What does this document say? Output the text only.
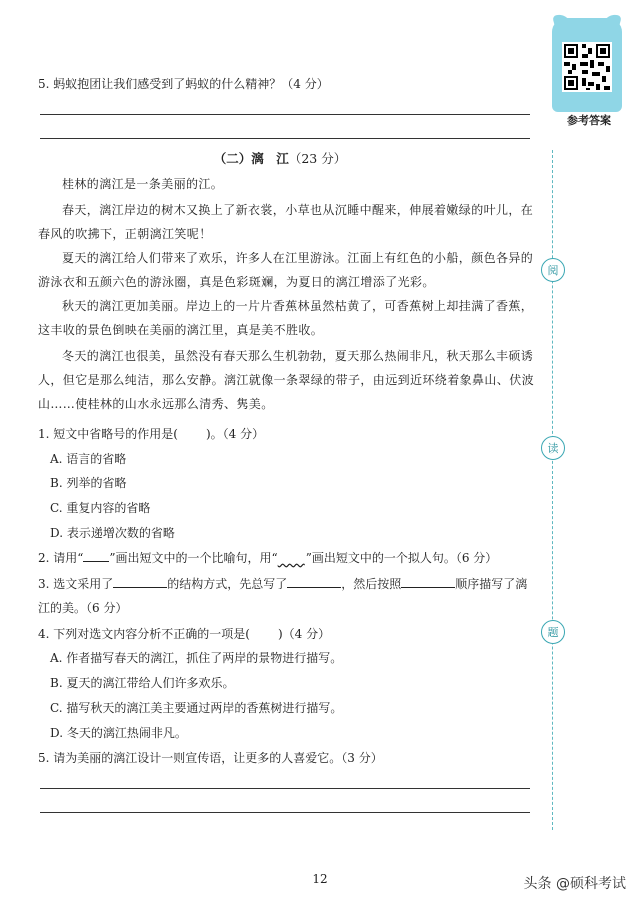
5. 蚂蚁抱团让我们感受到了蚂蚁的什么精神？（4 分）
（二）漓　江（23 分）
桂林的漓江是一条美丽的江。
春天，漓江岸边的树木又换上了新衣裳，小草也从沉睡中醒来，伸展着嫩绿的叶儿，在春风的吹拂下，正朝漓江笑呢！
夏天的漓江给人们带来了欢乐，许多人在江里游泳。江面上有红色的小船，颜色各异的游泳衣和五颜六色的游泳圈，真是色彩斑斓，为夏日的漓江增添了光彩。
秋天的漓江更加美丽。岸边上的一片片香蕉林虽然枯黄了，可香蕉树上却挂满了香蕉，这丰收的景色倒映在美丽的漓江里，真是美不胜收。
冬天的漓江也很美，虽然没有春天那么生机勃勃，夏天那么热闹非凡，秋天那么丰硕诱人，但它是那么纯洁，那么安静。漓江就像一条翠绿的带子，由远到近环绕着象鼻山、伏波山……使桂林的山水永远那么清秀、隽美。
1. 短文中省略号的作用是( )。（4 分）
A. 语言的省略
B. 列举的省略
C. 重复内容的省略
D. 表示递增次数的省略
2. 请用“ ”画出短文中的一个比喻句，用“ ”画出短文中的一个拟人句。（6 分）
3. 选文采用了	的结构方式，先总写了	，然后按照	顺序描写了漓
江的美。（6 分）
4. 下列对选文内容分析不正确的一项是( )（4 分）
A. 作者描写春天的漓江，抓住了两岸的景物进行描写。
B. 夏天的漓江带给人们许多欢乐。
C. 描写秋天的漓江美主要通过两岸的香蕉树进行描写。
D. 冬天的漓江热闹非凡。
5. 请为美丽的漓江设计一则宣传语，让更多的人喜爱它。（3 分）
阅
读
题
参考答案
12	头条 @硕科考试
